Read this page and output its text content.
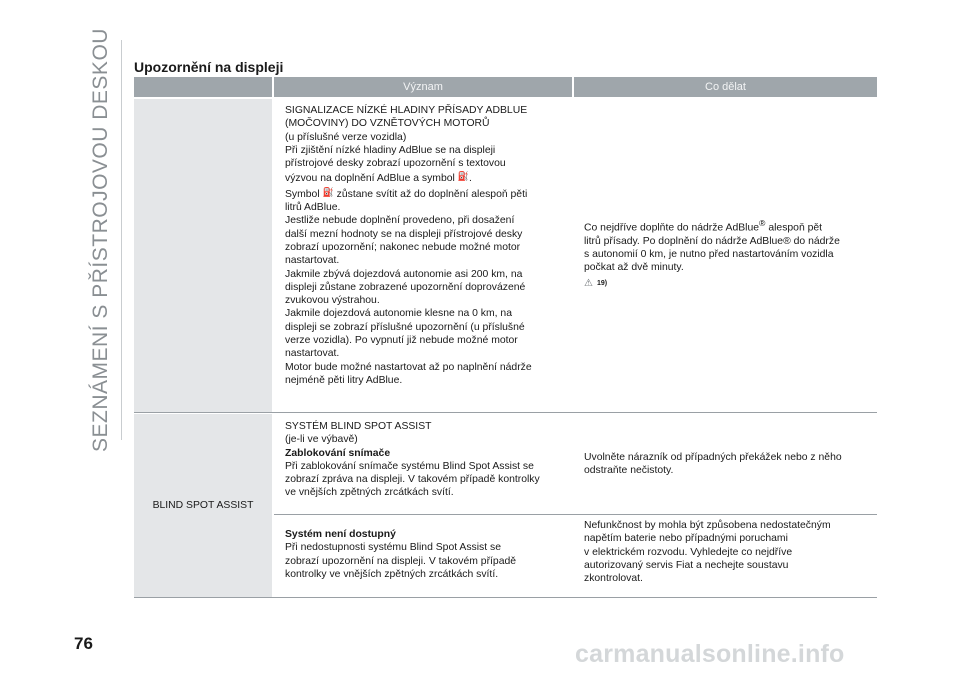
SEZNÁMENÍ S PŘÍSTROJOVOU DESKOU Upozornění na displeji
Význam	Co dělat
SIGNALIZACE NÍZKÉ HLADINY PŘÍSADY ADBLUE
(MOČOVINY) DO VZNĚTOVÝCH MOTORŮ
(u příslušné verze vozidla)
Při zjištění nízké hladiny AdBlue se na displeji
přístrojové desky zobrazí upozornění s textovou
výzvou na doplnění AdBlue a symbol ⛽.
Symbol ⛽ zůstane svítit až do doplnění alespoň pěti
litrů AdBlue.
Jestliže nebude doplnění provedeno, při dosažení
další mezní hodnoty se na displeji přístrojové desky
zobrazí upozornění; nakonec nebude možné motor
nastartovat.
Jakmile zbývá dojezdová autonomie asi 200 km, na
displeji zůstane zobrazené upozornění doprovázené
zvukovou výstrahou.
Jakmile dojezdová autonomie klesne na 0 km, na
displeji se zobrazí příslušné upozornění (u příslušné
verze vozidla). Po vypnutí již nebude možné motor
nastartovat.
Motor bude možné nastartovat až po naplnění nádrže
nejméně pěti litry AdBlue.
Co nejdříve doplňte do nádrže AdBlue® alespoň pět
litrů přísady. Po doplnění do nádrže AdBlue® do nádrže
s autonomií 0 km, je nutno před nastartováním vozidla
počkat až dvě minuty.
⚠ 19)
BLIND SPOT ASSIST
SYSTÉM BLIND SPOT ASSIST
(je-li ve výbavě)
Zablokování snímače
Při zablokování snímače systému Blind Spot Assist se
zobrazí zpráva na displeji. V takovém případě kontrolky
ve vnějších zpětných zrcátkách svítí.
Uvolněte nárazník od případných překážek nebo z něho
odstraňte nečistoty.
Systém není dostupný
Při nedostupnosti systému Blind Spot Assist se
zobrazí upozornění na displeji. V takovém případě
kontrolky ve vnějších zpětných zrcátkách svítí.
Nefunkčnost by mohla být způsobena nedostatečným
napětím baterie nebo případnými poruchami
v elektrickém rozvodu. Vyhledejte co nejdříve
autorizovaný servis Fiat a nechejte soustavu
zkontrolovat.
76	carmanualsonline.info
